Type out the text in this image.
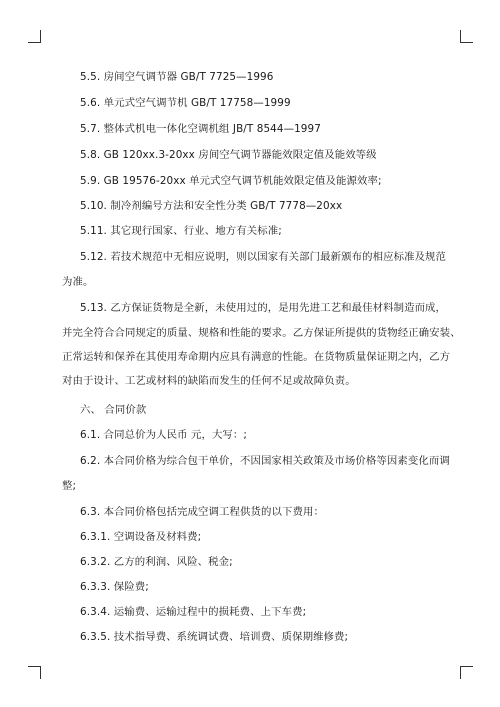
5.5. 房间空气调节器 GB/T 7725—1996
5.6. 单元式空气调节机 GB/T 17758—1999
5.7. 整体式机电一体化空调机组 JB/T 8544—1997
5.8. GB 120xx.3-20xx 房间空气调节器能效限定值及能效等级
5.9. GB 19576-20xx 单元式空气调节机能效限定值及能源效率;
5.10. 制冷剂编号方法和安全性分类 GB/T 7778—20xx
5.11. 其它现行国家、行业、地方有关标准;
5.12. 若技术规范中无相应说明，则以国家有关部门最新颁布的相应标准及规范
为准。
5.13. 乙方保证货物是全新，未使用过的，是用先进工艺和最佳材料制造而成，
并完全符合合同规定的质量、规格和性能的要求。乙方保证所提供的货物经正确安装、
正常运转和保养在其使用寿命期内应具有满意的性能。在货物质量保证期之内，乙方
对由于设计、工艺或材料的缺陷而发生的任何不足或故障负责。
六、 合同价款
6.1. 合同总价为人民币 元，大写：;
6.2. 本合同价格为综合包干单价，不因国家相关政策及市场价格等因素变化而调
整;
6.3. 本合同价格包括完成空调工程供货的以下费用：
6.3.1. 空调设备及材料费;
6.3.2. 乙方的利润、风险、税金;
6.3.3. 保险费;
6.3.4. 运输费、运输过程中的损耗费、上下车费;
6.3.5. 技术指导费、系统调试费、培训费、质保期维修费;
